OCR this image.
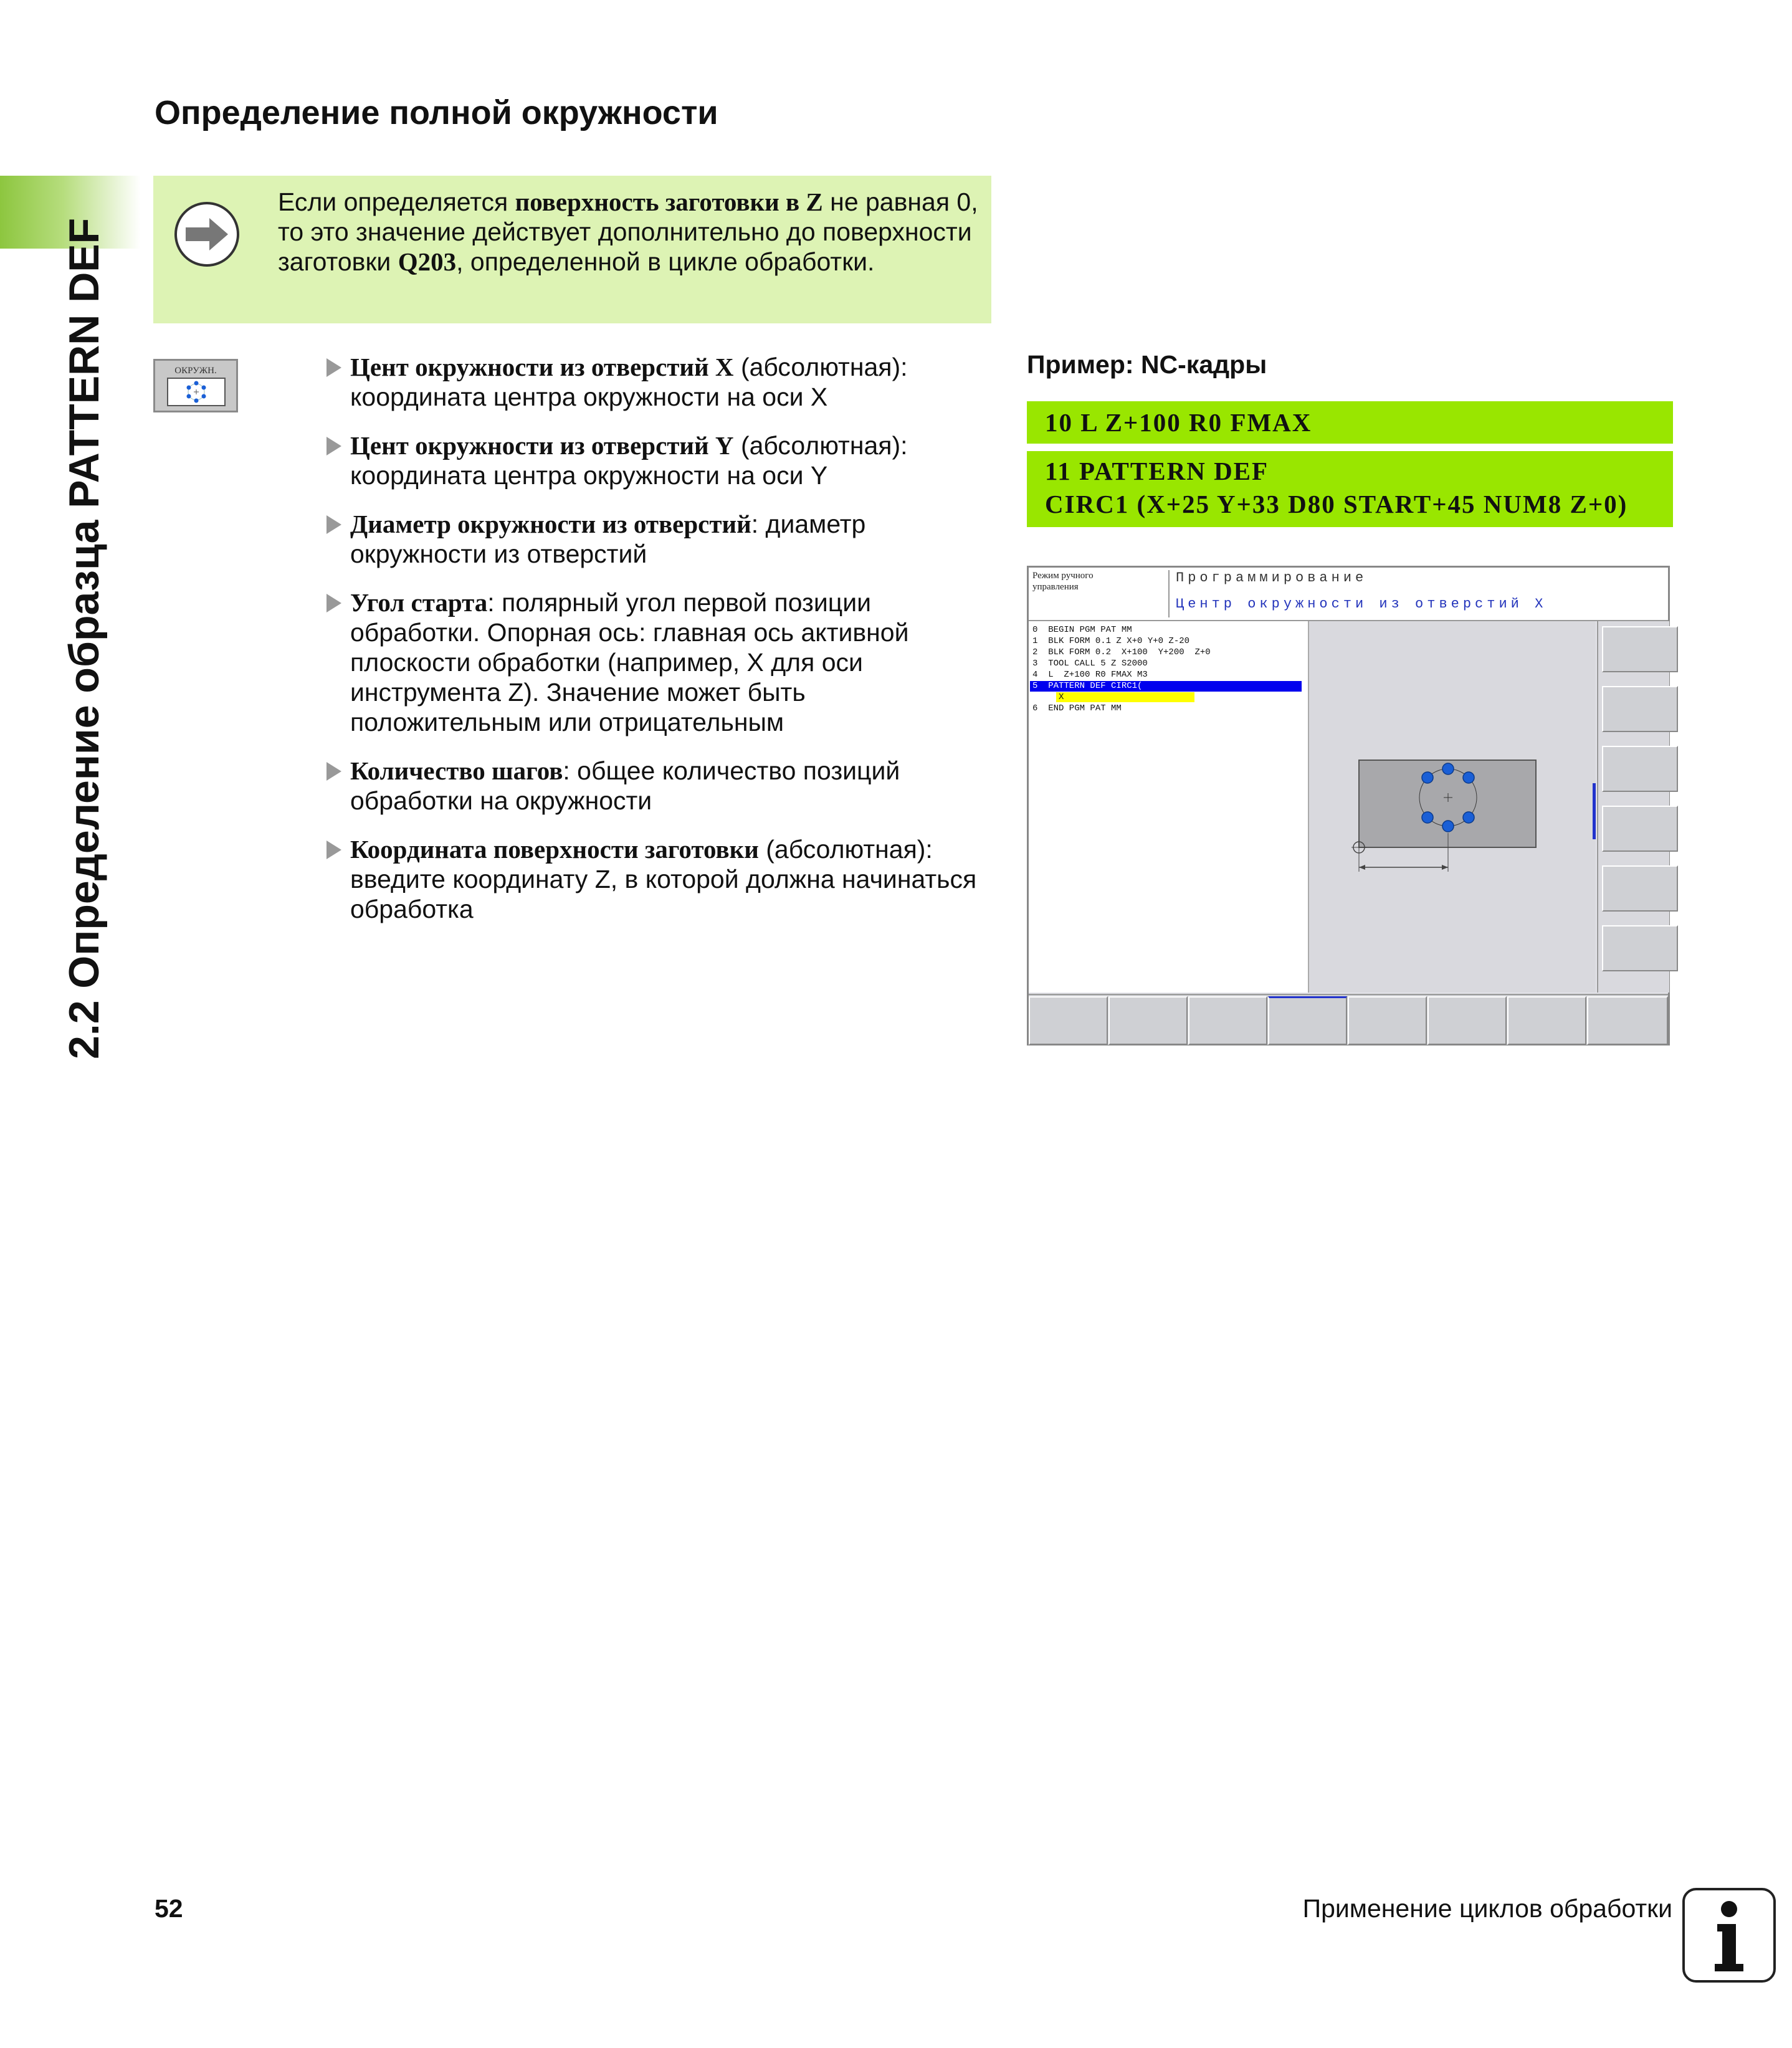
2.2 Определение образца PATTERN DEF
Определение полной окружности
Если определяется поверхность заготовки в Z не равная 0, то это значение действует дополнительно до поверхности заготовки Q203, определенной в цикле обработки.
ОКРУЖН.	Цент окружности из отверстий X (абсолютная): координата центра окружности на оси X
Цент окружности из отверстий Y (абсолютная): координата центра окружности на оси Y
Диаметр окружности из отверстий: диаметр окружности из отверстий
Угол старта: полярный угол первой позиции обработки. Опорная ось: главная ось активной плоскости обработки (например, X для оси инструмента Z). Значение может быть положительным или отрицательным
Количество шагов: общее количество позиций обработки на окружности
Координата поверхности заготовки (абсолютная): введите координату Z, в которой должна начинаться обработка
Пример: NC-кадры
10 L Z+100 R0 FMAX
11 PATTERN DEF
CIRC1 (X+25 Y+33 D80 START+45 NUM8 Z+0)
Режим ручного
управления
Программирование
Центр окружности из отверстий X
0  BEGIN PGM PAT MM
1  BLK FORM 0.1 Z X+0 Y+0 Z-20
2  BLK FORM 0.2  X+100  Y+200  Z+0
3  TOOL CALL 5 Z S2000
4  L  Z+100 R0 FMAX M3
5  PATTERN DEF CIRC1(
X
6  END PGM PAT MM
52	Применение циклов обработки
